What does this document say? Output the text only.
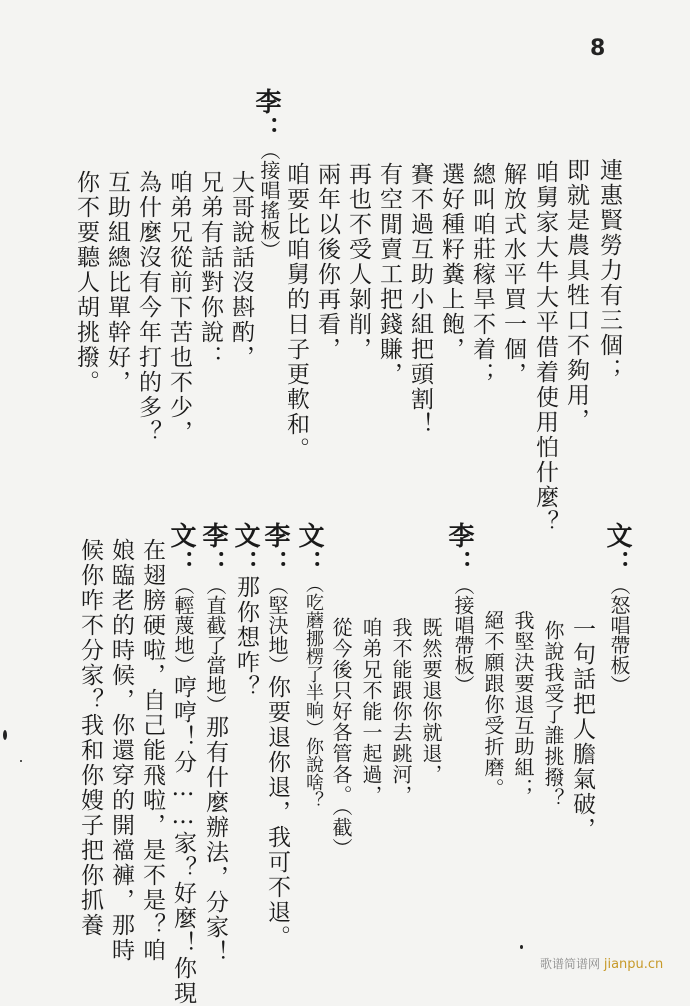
8
連惠賢勞力有三個；
即就是農具牲口不夠用，
咱舅家大牛大平借着使用怕什麼？
解放式水平買一個，
總叫咱莊稼旱不着；
選好種籽糞上飽，
賽不過互助小組把頭割！
有空閒賣工把錢賺，
再也不受人剝削，
兩年以後你再看，
咱要比咱舅的日子更軟和。
李：
（接唱搖板）
大哥說話沒斟酌，
兄弟有話對你說：
咱弟兄從前下苦也不少，
為什麼沒有今年打的多？
互助組總比單幹好，
你不要聽人胡挑撥。
文：
（怒唱帶板）
一句話把人膽氣破，
你說我受了誰挑撥？
我堅決要退互助組；
絕不願跟你受折磨。
李：
（接唱帶板）
既然要退你就退，
我不能跟你去跳河，
咱弟兄不能一起過，
從今後只好各管各。（截）
文：
（吃蘑挪楞了半晌）你說啥？
李：
（堅決地）你要退你退，我可不退。
文：
那你想咋？
李：
（直截了當地）那有什麼辦法，分家！
文：
（輕蔑地）哼哼！分……家？好麼！你現
在翅膀硬啦，自己能飛啦，是不是？咱
娘臨老的時候，你還穿的開襠褲，那時
候你咋不分家？我和你嫂子把你抓養
歌谱简谱网 jianpu.cn
